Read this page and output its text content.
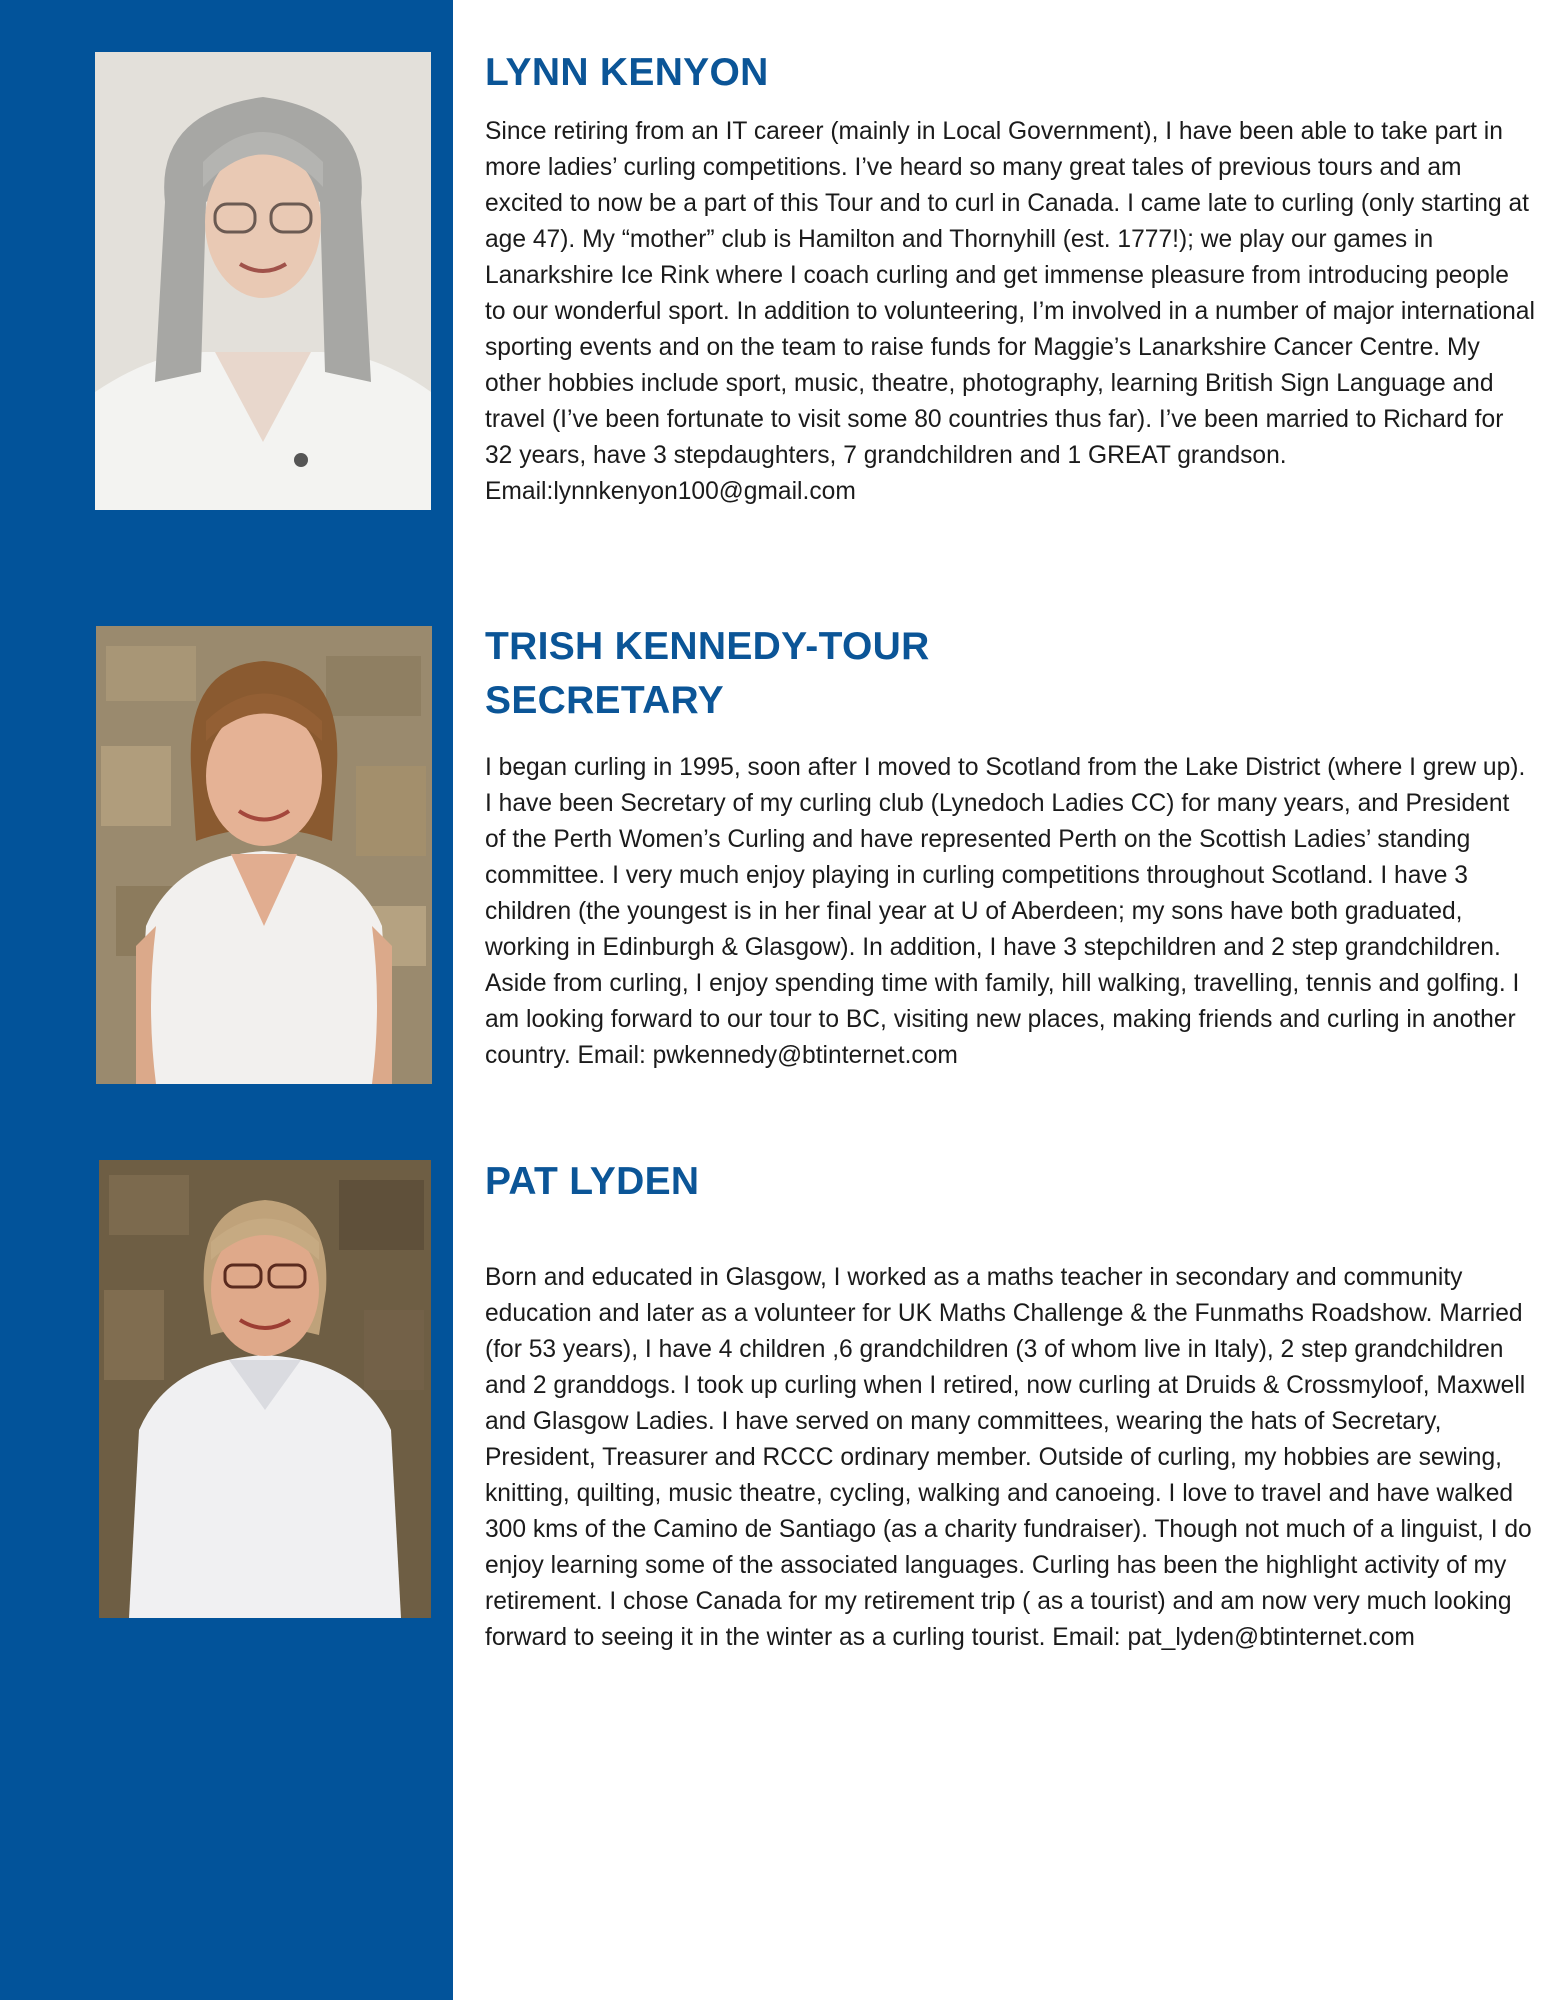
LYNN KENYON

Since retiring from an IT career (mainly in Local Government), I have been able to take part in more ladies’ curling competitions. I’ve heard so many great tales of previous tours and am excited to now be a part of this Tour and to curl in Canada. I came late to curling (only starting at age 47). My “mother” club is Hamilton and Thornyhill (est. 1777!); we play our games in Lanarkshire Ice Rink where I coach curling and get immense pleasure from introducing people to our wonderful sport. In addition to volunteering, I’m involved in a number of major international sporting events and on the team to raise funds for Maggie’s Lanarkshire Cancer Centre. My other hobbies include sport, music, theatre, photography, learning British Sign Language and travel (I’ve been fortunate to visit some 80 countries thus far). I’ve been married to Richard for 32 years, have 3 stepdaughters, 7 grandchildren and 1 GREAT grandson. Email:lynnkenyon100@gmail.com

TRISH KENNEDY-TOUR
SECRETARY

I began curling in 1995, soon after I moved to Scotland from the Lake District (where I grew up). I have been Secretary of my curling club (Lynedoch Ladies CC) for many years, and President of the Perth Women’s Curling and have represented Perth on the Scottish Ladies’ standing committee. I very much enjoy playing in curling competitions throughout Scotland. I have 3 children (the youngest is in her final year at U of Aberdeen; my sons have both graduated, working in Edinburgh & Glasgow). In addition, I have 3 stepchildren and 2 step grandchildren. Aside from curling, I enjoy spending time with family, hill walking, travelling, tennis and golfing. I am looking forward to our tour to BC, visiting new places, making friends and curling in another country. Email: pwkennedy@btinternet.com

PAT LYDEN

Born and educated in Glasgow, I worked as a maths teacher in secondary and community education and later as a volunteer for UK Maths Challenge & the Funmaths Roadshow. Married (for 53 years), I have 4 children ,6 grandchildren (3 of whom live in Italy), 2 step grandchildren and 2 granddogs. I took up curling when I retired, now curling at Druids & Crossmyloof, Maxwell and Glasgow Ladies. I have served on many committees, wearing the hats of Secretary, President, Treasurer and RCCC ordinary member. Outside of curling, my hobbies are sewing, knitting, quilting, music theatre, cycling, walking and canoeing. I love to travel and have walked 300 kms of the Camino de Santiago (as a charity fundraiser). Though not much of a linguist, I do enjoy learning some of the associated languages. Curling has been the highlight activity of my retirement. I chose Canada for my retirement trip ( as a tourist) and am now very much looking forward to seeing it in the winter as a curling tourist. Email: pat_lyden@btinternet.com
